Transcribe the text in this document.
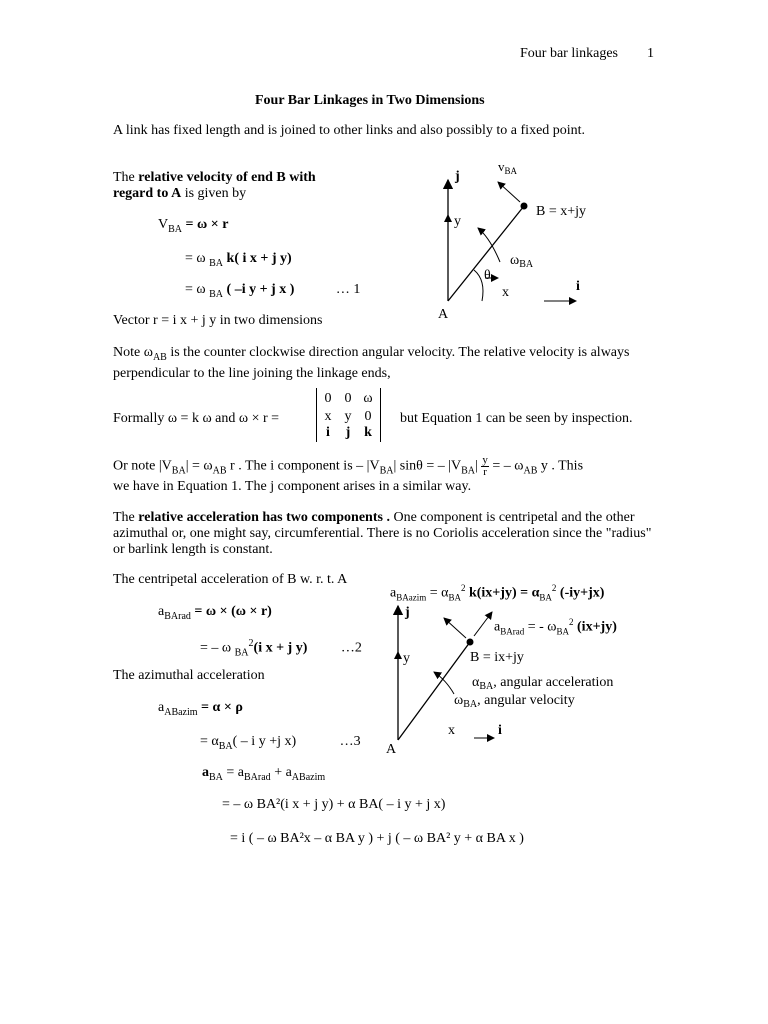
Four bar linkages 1
Four Bar Linkages in Two Dimensions
A link has fixed length and is joined to other links and also possibly to a fixed point.
The relative velocity of end B with
regard to A is given by
$V_{BA} = \omega \times r$
= ω $_{BA}$ k( i x + j y)
= ω $_{BA}$ ( –i y + j x )	… 1
Vector r = i x + j y in two dimensions
$v_{BA}$
j
y
B = x+jy
$\omega_{BA}$
θ
x	i
A
Note $\omega_{AB}$ is the counter clockwise direction angular velocity. The relative velocity is always perpendicular to the line joining the linkage ends,
Formally ω = k ω and ω × r =
0 0 ω
x y 0
i	j k
but Equation 1 can be seen by inspection.
Or note $|V_{BA}| = \omega_{AB}$ r . The i component is – $|V_{BA}|$ sinθ = – $|V_{BA}| \frac{y}{r}$ = – $\omega_{AB}$ y . This
we have in Equation 1. The j component arises in a similar way.
The relative acceleration has two components . One component is centripetal and the other azimuthal or, one might say, circumferential. There is no Coriolis acceleration since the "radius" or barlink length is constant.
The centripetal acceleration of B w. r. t. A
$a_{BArad} = \omega \times (\omega \times r)$
= – ω $_{BA}^2$(i x + j y) …2
The azimuthal acceleration
$a_{ABazim} = \alpha \times \rho$
= $\alpha_{BA}$( – i y +j x)	…3
$a_{BA} = a_{BArad} + a_{ABazim}$
= – ω BA²(i x + j y) + α BA( – i y + j x)
= i ( – ω BA²x – α BA y ) + j ( – ω BA² y + α BA x )
$a_{BAazim} = \alpha_{BA}^2$ $k(ix+jy) = \alpha_{BA}^2$ (-iy+jx)
$a_{BArad}$ = - $\omega_{BA}^2$ (ix+jy)
j
y	B = ix+jy
$\alpha_{BA}$, angular acceleration
$\omega_{BA}$, angular velocity
x	i
A
